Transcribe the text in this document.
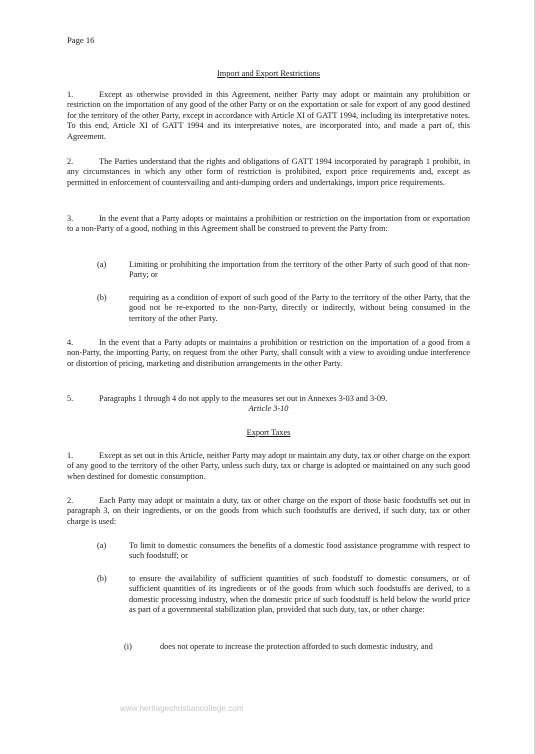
Page 16
Import and Export Restrictions

1.	Except as otherwise provided in this Agreement, neither Party may adopt or maintain any prohibition or restriction on the importation of any good of the other Party or on the exportation or sale for export of any good destined for the territory of the other Party, except in accordance with Article XI of GATT 1994, including its interpretative notes. To this end, Article XI of GATT 1994 and its interpretative notes, are incorporated into, and made a part of, this Agreement.

2.	The Parties understand that the rights and obligations of GATT 1994 incorporated by paragraph 1 prohibit, in any circumstances in which any other form of restriction is prohibited, export price requirements and, except as permitted in enforcement of countervailing and anti-dumping orders and undertakings, import price requirements.

3.	In the event that a Party adopts or maintains a prohibition or restriction on the importation from or exportation to a non-Party of a good, nothing in this Agreement shall be construed to prevent the Party from:

(a)	Limiting or prohibiting the importation from the territory of the other Party of such good of that non-Party; or
(b)	requiring as a condition of export of such good of the Party to the territory of the other Party, that the good not be re-exported to the non-Party, directly or indirectly, without being consumed in the territory of the other Party.

4.	In the event that a Party adopts or maintains a prohibition or restriction on the importation of a good from a non-Party, the importing Party, on request from the other Party, shall consult with a view to avoiding undue interference or distortion of pricing, marketing and distribution arrangements in the other Party.

5.	Paragraphs 1 through 4 do not apply to the measures set out in Annexes 3-03 and 3-09.

Article 3-10
Export Taxes

1.	Except as set out in this Article, neither Party may adopt or maintain any duty, tax or other charge on the export of any good to the territory of the other Party, unless such duty, tax or charge is adopted or maintained on any such good when destined for domestic consumption.

2.	Each Party may adopt or maintain a duty, tax or other charge on the export of those basic foodstuffs set out in paragraph 3, on their ingredients, or on the goods from which such foodstuffs are derived, if such duty, tax or other charge is used:

(a)	To limit to domestic consumers the benefits of a domestic food assistance programme with respect to such foodstuff; or
(b)	to ensure the availability of sufficient quantities of such foodstuff to domestic consumers, or of sufficient quantities of its ingredients or of the goods from which such foodstuffs are derived, to a domestic processing industry, when the domestic price of such foodstuff is held below the world price as part of a governmental stabilization plan, provided that such duty, tax, or other charge:
(i)	does not operate to increase the protection afforded to such domestic industry, and
www.heritagechristiancollege.com
